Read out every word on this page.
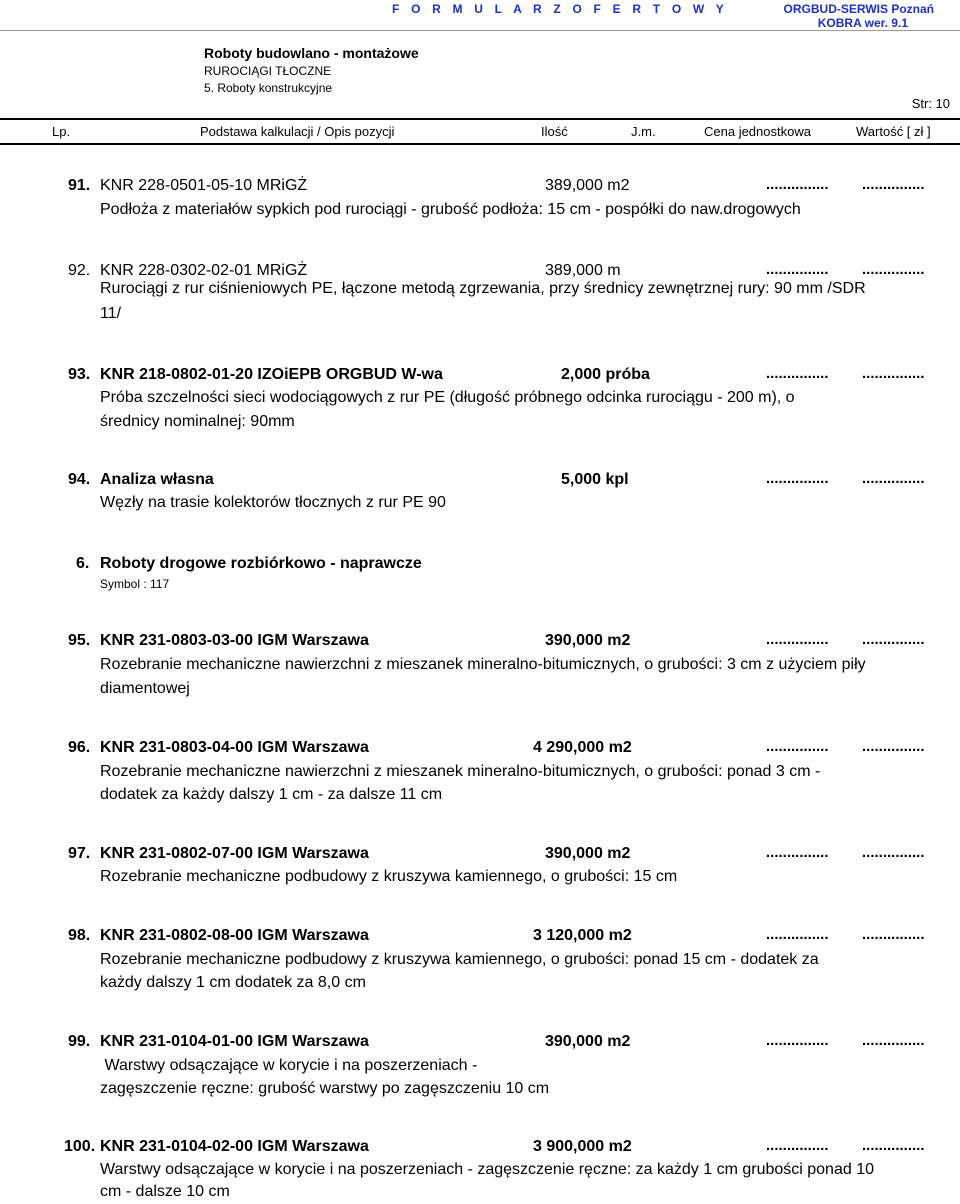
F O R M U L A R Z O F E R T O W Y	ORGBUD-SERWIS Poznań
KOBRA wer. 9.1
Roboty budowlano - montażowe
RUROCIĄGI TŁOCZNE
5. Roboty konstrukcyjne
Str: 10
Lp.	Podstawa kalkulacji / Opis pozycji	Ilość	J.m.	Cena jednostkowa	Wartość [ zł ]
91. KNR 228-0501-05-10 MRiGŻ	389,000 m2	............... ...............
Podłoża z materiałów sypkich pod rurociągi - grubość podłoża: 15 cm - pospółki do naw.drogowych
92. KNR 228-0302-02-01 MRiGŻ	389,000 m	............... ...............
Rurociągi z rur ciśnieniowych PE, łączone metodą zgrzewania, przy średnicy zewnętrznej rury: 90 mm /SDR
11/
93. KNR 218-0802-01-20 IZOiEPB ORGBUD W-wa	2,000 próba	............... ...............
Próba szczelności sieci wodociągowych z rur PE (długość próbnego odcinka rurociągu - 200 m), o
średnicy nominalnej: 90mm
94. Analiza własna	5,000 kpl	............... ...............
Węzły na trasie kolektorów tłocznych z rur PE 90
6. Roboty drogowe rozbiórkowo - naprawcze
Symbol : 117
95. KNR 231-0803-03-00 IGM Warszawa	390,000 m2	............... ...............
Rozebranie mechaniczne nawierzchni z mieszanek mineralno-bitumicznych, o grubości: 3 cm z użyciem piły
diamentowej
96. KNR 231-0803-04-00 IGM Warszawa	4 290,000 m2	............... ...............
Rozebranie mechaniczne nawierzchni z mieszanek mineralno-bitumicznych, o grubości: ponad 3 cm -
dodatek za każdy dalszy 1 cm - za dalsze 11 cm
97. KNR 231-0802-07-00 IGM Warszawa	390,000 m2	............... ...............
Rozebranie mechaniczne podbudowy z kruszywa kamiennego, o grubości: 15 cm
98. KNR 231-0802-08-00 IGM Warszawa	3 120,000 m2	............... ...............
Rozebranie mechaniczne podbudowy z kruszywa kamiennego, o grubości: ponad 15 cm - dodatek za
każdy dalszy 1 cm dodatek za 8,0 cm
99. KNR 231-0104-01-00 IGM Warszawa	390,000 m2	............... ...............
Warstwy odsączające w korycie i na poszerzeniach -
zagęszczenie ręczne: grubość warstwy po zagęszczeniu 10 cm
100. KNR 231-0104-02-00 IGM Warszawa	3 900,000 m2	............... ...............
Warstwy odsączające w korycie i na poszerzeniach - zagęszczenie ręczne: za każdy 1 cm grubości ponad 10
cm - dalsze 10 cm
